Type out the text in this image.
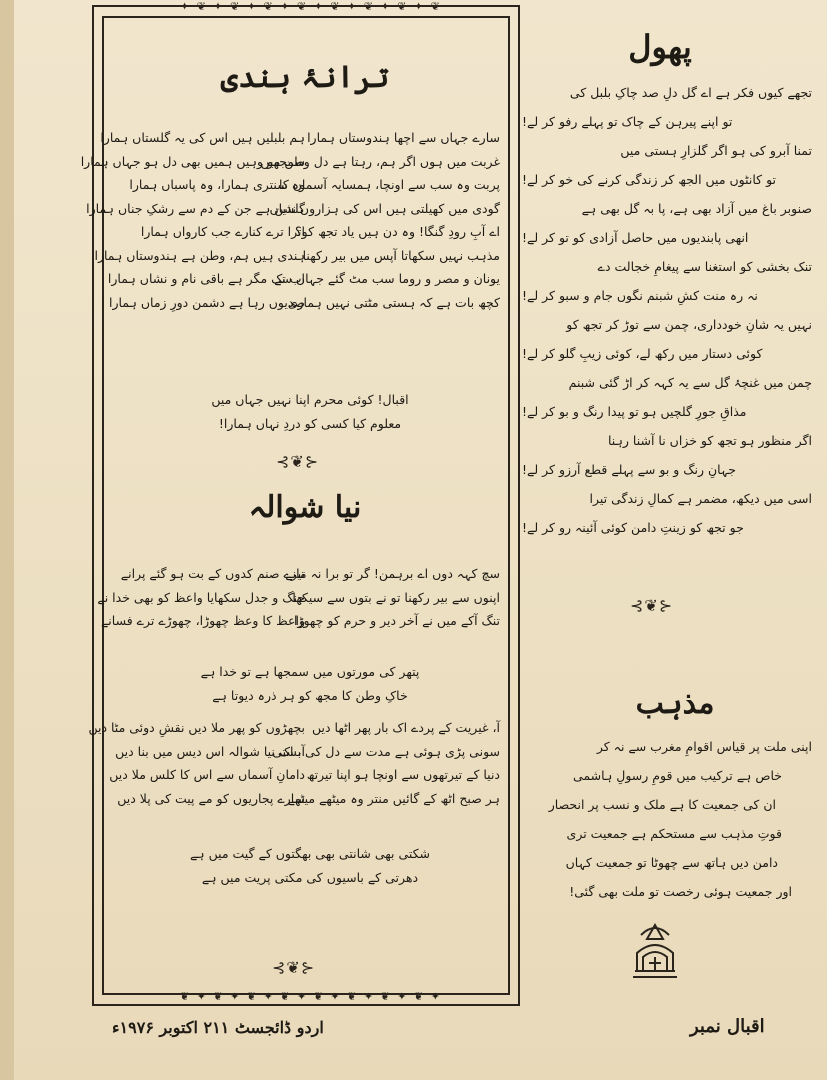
✦ ❦ ✦ ❦ ✦ ❦ ✦ ❦ ✦ ❦ ✦ ❦ ✦ ❦ ✦ ❦
❦ ✦ ❦ ✦ ❦ ✦ ❦ ✦ ❦ ✦ ❦ ✦ ❦ ✦ ❦ ✦
ترانۂ ہندی
سارے جہاں سے اچھا ہندوستاں ہمارا
غربت میں ہوں اگر ہم، رہتا ہے دل وطن میں
پربت وہ سب سے اونچا، ہمسایہ آسماں کا
گودی میں کھیلتی ہیں اس کی ہزاروں ندیاں
اے آبِ رودِ گنگا! وہ دن ہیں یاد تجھ کو؟
مذہب نہیں سکھاتا آپس میں بیر رکھنا
یونان و مصر و روما سب مٹ گئے جہاں سے
کچھ بات ہے کہ ہستی مٹتی نہیں ہماری
ہم بلبلیں ہیں اس کی یہ گلستاں ہمارا
سمجھو وہیں ہمیں بھی دل ہو جہاں ہمارا
وہ سنتری ہمارا، وہ پاسباں ہمارا
گلشن ہے جن کے دم سے رشکِ جناں ہمارا
اترا ترے کنارے جب کارواں ہمارا
ہندی ہیں ہم، وطن ہے ہندوستاں ہمارا
اب تک مگر ہے باقی نام و نشاں ہمارا
صدیوں رہا ہے دشمن دورِ زماں ہمارا
اقبال! کوئی محرم اپنا نہیں جہاں میں
معلوم کیا کسی کو دردِ نہاں ہمارا!
⊰❦⊱
نیا شوالہ
سچ کہہ دوں اے برہمن! گر تو برا نہ مانے
اپنوں سے بیر رکھنا تو نے بتوں سے سیکھا
تنگ آکے میں نے آخر دیر و حرم کو چھوڑا
تیرے صنم کدوں کے بت ہو گئے پرانے
جنگ و جدل سکھایا واعظ کو بھی خدا نے
واعظ کا وعظ چھوڑا، چھوڑے ترے فسانے
پتھر کی مورتوں میں سمجھا ہے تو خدا ہے
خاکِ وطن کا مجھ کو ہر ذرہ دیوتا ہے
آ، غیریت کے پردے اک بار پھر اٹھا دیں
سونی پڑی ہوئی ہے مدت سے دل کی بستی
دنیا کے تیرتھوں سے اونچا ہو اپنا تیرتھ
ہر صبح اٹھ کے گائیں منتر وہ میٹھے میٹھے
بچھڑوں کو پھر ملا دیں نقشِ دوئی مٹا دیں
آ، اک نیا شوالہ اس دیس میں بنا دیں
دامانِ آسماں سے اس کا کلس ملا دیں
سارے پجاریوں کو مے پیت کی پلا دیں
شکتی بھی شانتی بھی بھگتوں کے گیت میں ہے
دھرتی کے باسیوں کی مکتی پریت میں ہے
⊰❦⊱
پھول
تجھے کیوں فکر ہے اے گل دلِ صد چاکِ بلبل کی
تو اپنے پیرہن کے چاک تو پہلے رفو کر لے!
تمنا آبرو کی ہو اگر گلزارِ ہستی میں
تو کانٹوں میں الجھ کر زندگی کرنے کی خو کر لے!
صنوبر باغ میں آزاد بھی ہے، پا بہ گل بھی ہے
انھی پابندیوں میں حاصل آزادی کو تو کر لے!
تنک بخشی کو استغنا سے پیغامِ خجالت دے
نہ رہ منت کشِ شبنم نگوں جام و سبو کر لے!
نہیں یہ شانِ خودداری، چمن سے توڑ کر تجھ کو
کوئی دستار میں رکھ لے، کوئی زیبِ گلو کر لے!
چمن میں غنچۂ گل سے یہ کہہ کر اڑ گئی شبنم
مذاقِ جورِ گلچیں ہو تو پیدا رنگ و بو کر لے!
اگر منظور ہو تجھ کو خزاں نا آشنا رہنا
جہانِ رنگ و بو سے پہلے قطع آرزو کر لے!
اسی میں دیکھ، مضمر ہے کمالِ زندگی تیرا
جو تجھ کو زینتِ دامن کوئی آئینہ رو کر لے!
⊰❦⊱
مذہب
اپنی ملت پر قیاس اقوامِ مغرب سے نہ کر
خاص ہے ترکیب میں قومِ رسولِ ہاشمی
ان کی جمعیت کا ہے ملک و نسب پر انحصار
قوتِ مذہب سے مستحکم ہے جمعیت تری
دامن دیں ہاتھ سے چھوٹا تو جمعیت کہاں
اور جمعیت ہوئی رخصت تو ملت بھی گئی!
اردو ڈائجسٹ ۲۱۱ اکتوبر ۱۹۷۶ء	اقبال نمبر
